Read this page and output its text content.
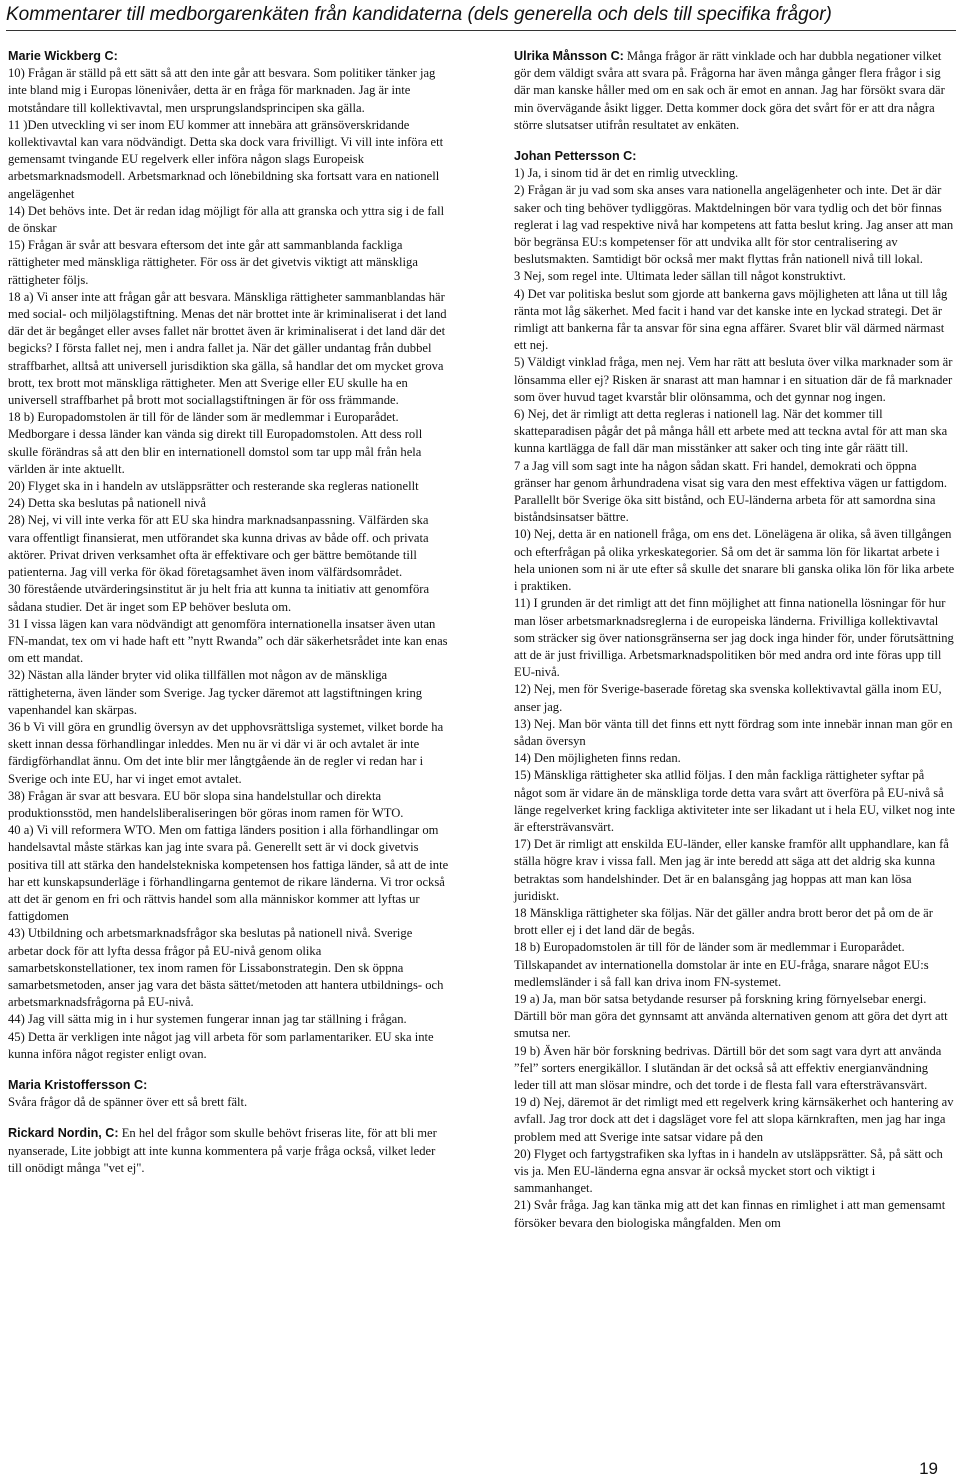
Kommentarer till medborgarenkäten från kandidaterna (dels generella och dels till specifika frågor)
Marie Wickberg C:

10) Frågan är ställd på ett sätt så att den inte går att besvara. Som politiker tänker jag inte bland mig i Europas lönenivåer, detta är en fråga för marknaden. Jag är inte motståndare till kollektivavtal, men ursprungslandsprincipen ska gälla.

11 )Den utveckling vi ser inom EU kommer att innebära att gränsöverskridande kollektivavtal kan vara nödvändigt. Detta ska dock vara frivilligt. Vi vill inte införa ett gemensamt tvingande EU regelverk eller införa någon slags Europeisk arbetsmarknadsmodell. Arbetsmarknad och lönebildning ska fortsatt vara en nationell angelägenhet

14) Det behövs inte. Det är redan idag möjligt för alla att granska och yttra sig i de fall de önskar

15) Frågan är svår att besvara eftersom det inte går att sammanblanda fackliga rättigheter med mänskliga rättigheter. För oss är det givetvis viktigt att mänskliga rättigheter följs.

18 a) Vi anser inte att frågan går att besvara. Mänskliga rättigheter sammanblandas här med social- och miljölagstiftning. Menas det när brottet inte är kriminaliserat i det land där det är begånget eller avses fallet när brottet även är kriminaliserat i det land där det begicks? I första fallet nej, men i andra fallet ja. När det gäller undantag från dubbel straffbarhet, alltså att universell jurisdiktion ska gälla, så handlar det om mycket grova brott, tex brott mot mänskliga rättigheter. Men att Sverige eller EU skulle ha en universell straffbarhet på brott mot sociallagstiftningen är för oss främmande.

18 b) Europadomstolen är till för de länder som är medlemmar i Europarådet. Medborgare i dessa länder kan vända sig direkt till Europadomstolen. Att dess roll skulle förändras så att den blir en internationell domstol som tar upp mål från hela världen är inte aktuellt.

20) Flyget ska in i handeln av utsläppsrätter och resterande ska regleras nationellt

24) Detta ska beslutas på nationell nivå

28) Nej, vi vill inte verka för att EU ska hindra marknadsanpassning. Välfärden ska vara offentligt finansierat, men utförandet ska kunna drivas av både off. och privata aktörer. Privat driven verksamhet ofta är effektivare och ger bättre bemötande till patienterna. Jag vill verka för ökad företagsamhet även inom välfärdsområdet.

30 förestående utvärderingsinstitut är ju helt fria att kunna ta initiativ att genomföra sådana studier. Det är inget som EP behöver besluta om.

31 I vissa lägen kan vara nödvändigt att genomföra internationella insatser även utan FN-mandat, tex om vi hade haft ett ”nytt Rwanda” och där säkerhetsrådet inte kan enas om ett mandat.

32) Nästan alla länder bryter vid olika tillfällen mot någon av de mänskliga rättigheterna, även länder som Sverige. Jag tycker däremot att lagstiftningen kring vapenhandel kan skärpas.

36 b Vi vill göra en grundlig översyn av det upphovsrättsliga systemet, vilket borde ha skett innan dessa förhandlingar inleddes. Men nu är vi där vi är och avtalet är inte färdigförhandlat ännu. Om det inte blir mer långtgående än de regler vi redan har i Sverige och inte EU, har vi inget emot avtalet.

38) Frågan är svar att besvara. EU bör slopa sina handelstullar och direkta produktionsstöd, men handelsliberaliseringen bör göras inom ramen för WTO.

40 a) Vi vill reformera WTO. Men om fattiga länders position i alla förhandlingar om handelsavtal måste stärkas kan jag inte svara på. Generellt sett är vi dock givetvis positiva till att stärka den handelstekniska kompetensen hos fattiga länder, så att de inte har ett kunskapsunderläge i förhandlingarna gentemot de rikare länderna. Vi tror också att det är genom en fri och rättvis handel som alla människor kommer att lyftas ur fattigdomen

43) Utbildning och arbetsmarknadsfrågor ska beslutas på nationell nivå. Sverige arbetar dock för att lyfta dessa frågor på EU-nivå genom olika samarbetskonstellationer, tex inom ramen för Lissabonstrategin. Den sk öppna samarbetsmetoden, anser jag vara det bästa sättet/metoden att hantera utbildnings- och arbetsmarknadsfrågorna på EU-nivå.

44) Jag vill sätta mig in i hur systemen fungerar innan jag tar ställning i frågan.

45) Detta är verkligen inte något jag vill arbeta för som parlamentariker. EU ska inte kunna införa något register enligt ovan.

Maria Kristoffersson C:

Svåra frågor då de spänner över ett så brett fält.

Rickard Nordin, C: En hel del frågor som skulle behövt friseras lite, för att bli mer nyanserade, Lite jobbigt att inte kunna kommentera på varje fråga också, vilket leder till onödigt många "vet ej".

Ulrika Månsson C: Många frågor är rätt vinklade och har dubbla negationer vilket gör dem väldigt svåra att svara på. Frågorna har även många gånger flera frågor i sig där man kanske håller med om en sak och är emot en annan. Jag har försökt svara där min övervägande åsikt ligger. Detta kommer dock göra det svårt för er att dra några större slutsatser utifrån resultatet av enkäten.

Johan Pettersson C:

1) Ja, i sinom tid är det en rimlig utveckling.

2) Frågan är ju vad som ska anses vara nationella angelägenheter och inte. Det är där saker och ting behöver tydliggöras. Maktdelningen bör vara tydlig och det bör finnas reglerat i lag vad respektive nivå har kompetens att fatta beslut kring. Jag anser att man bör begränsa EU:s kompetenser för att undvika allt för stor centralisering av beslutsmakten. Samtidigt bör också mer makt flyttas från nationell nivå till lokal.

3 Nej, som regel inte. Ultimata leder sällan till något konstruktivt.

4) Det var politiska beslut som gjorde att bankerna gavs möjligheten att låna ut till låg ränta mot låg säkerhet. Med facit i hand var det kanske inte en lyckad strategi. Det är rimligt att bankerna får ta ansvar för sina egna affärer. Svaret blir väl därmed närmast ett nej.

5) Väldigt vinklad fråga, men nej. Vem har rätt att besluta över vilka marknader som är lönsamma eller ej? Risken är snarast att man hamnar i en situation där de få marknader som över huvud taget kvarstår blir olönsamma, och det gynnar nog ingen.

6) Nej, det är rimligt att detta regleras i nationell lag. När det kommer till skatteparadisen pågår det på många håll ett arbete med att teckna avtal för att man ska kunna kartlägga de fall där man misstänker att saker och ting inte går räätt till.

7 a Jag vill som sagt inte ha någon sådan skatt. Fri handel, demokrati och öppna gränser har genom århundradena visat sig vara den mest effektiva vägen ur fattigdom. Parallellt bör Sverige öka sitt bistånd, och EU-länderna arbeta för att samordna sina biståndsinsatser bättre.

10) Nej, detta är en nationell fråga, om ens det. Lönelägena är olika, så även tillgången och efterfrågan på olika yrkeskategorier. Så om det är samma lön för likartat arbete i hela unionen som ni är ute efter så skulle det snarare bli ganska olika lön för lika arbete i praktiken.

11) I grunden är det rimligt att det finn möjlighet att finna nationella lösningar för hur man löser arbetsmarknadsreglerna i de europeiska länderna. Frivilliga kollektivavtal som sträcker sig över nationsgränserna ser jag dock inga hinder för, under förutsättning att de är just frivilliga. Arbetsmarknadspolitiken bör med andra ord inte föras upp till EU-nivå.

12) Nej, men för Sverige-baserade företag ska svenska kollektivavtal gälla inom EU, anser jag.

13) Nej. Man bör vänta till det finns ett nytt fördrag som inte innebär innan man gör en sådan översyn

14) Den möjligheten finns redan.

15) Mänskliga rättigheter ska atllid följas. I den mån fackliga rättigheter syftar på något som är vidare än de mänskliga torde detta vara svårt att överföra på EU-nivå så länge regelverket kring fackliga aktiviteter inte ser likadant ut i hela EU, vilket nog inte är eftersträvansvärt.

17) Det är rimligt att enskilda EU-länder, eller kanske framför allt upphandlare, kan få ställa högre krav i vissa fall. Men jag är inte beredd att säga att det aldrig ska kunna betraktas som handelshinder. Det är en balansgång jag hoppas att man kan lösa juridiskt.

18 Mänskliga rättigheter ska följas. När det gäller andra brott beror det på om de är brott eller ej i det land där de begås.

18 b) Europadomstolen är till för de länder som är medlemmar i Europarådet. Tillskapandet av internationella domstolar är inte en EU-fråga, snarare något EU:s medlemsländer i så fall kan driva inom FN-systemet.

19 a) Ja, man bör satsa betydande resurser på forskning kring förnyelsebar energi. Därtill bör man göra det gynnsamt att använda alternativen genom att göra det dyrt att smutsa ner.

19 b) Även här bör forskning bedrivas. Därtill bör det som sagt vara dyrt att använda ”fel” sorters energikällor. I slutändan är det också så att effektiv energianvändning leder till att man slösar mindre, och det torde i de flesta fall vara eftersträvansvärt.

19 d) Nej, däremot är det rimligt med ett regelverk kring kärnsäkerhet och hantering av avfall. Jag tror dock att det i dagsläget vore fel att slopa kärnkraften, men jag har inga problem med att Sverige inte satsar vidare på den

20) Flyget och fartygstrafiken ska lyftas in i handeln av utsläppsrätter. Så, på sätt och vis ja. Men EU-länderna egna ansvar är också mycket stort och viktigt i sammanhanget.

21) Svår fråga. Jag kan tänka mig att det kan finnas en rimlighet i att man gemensamt försöker bevara den biologiska mångfalden. Men om

19
